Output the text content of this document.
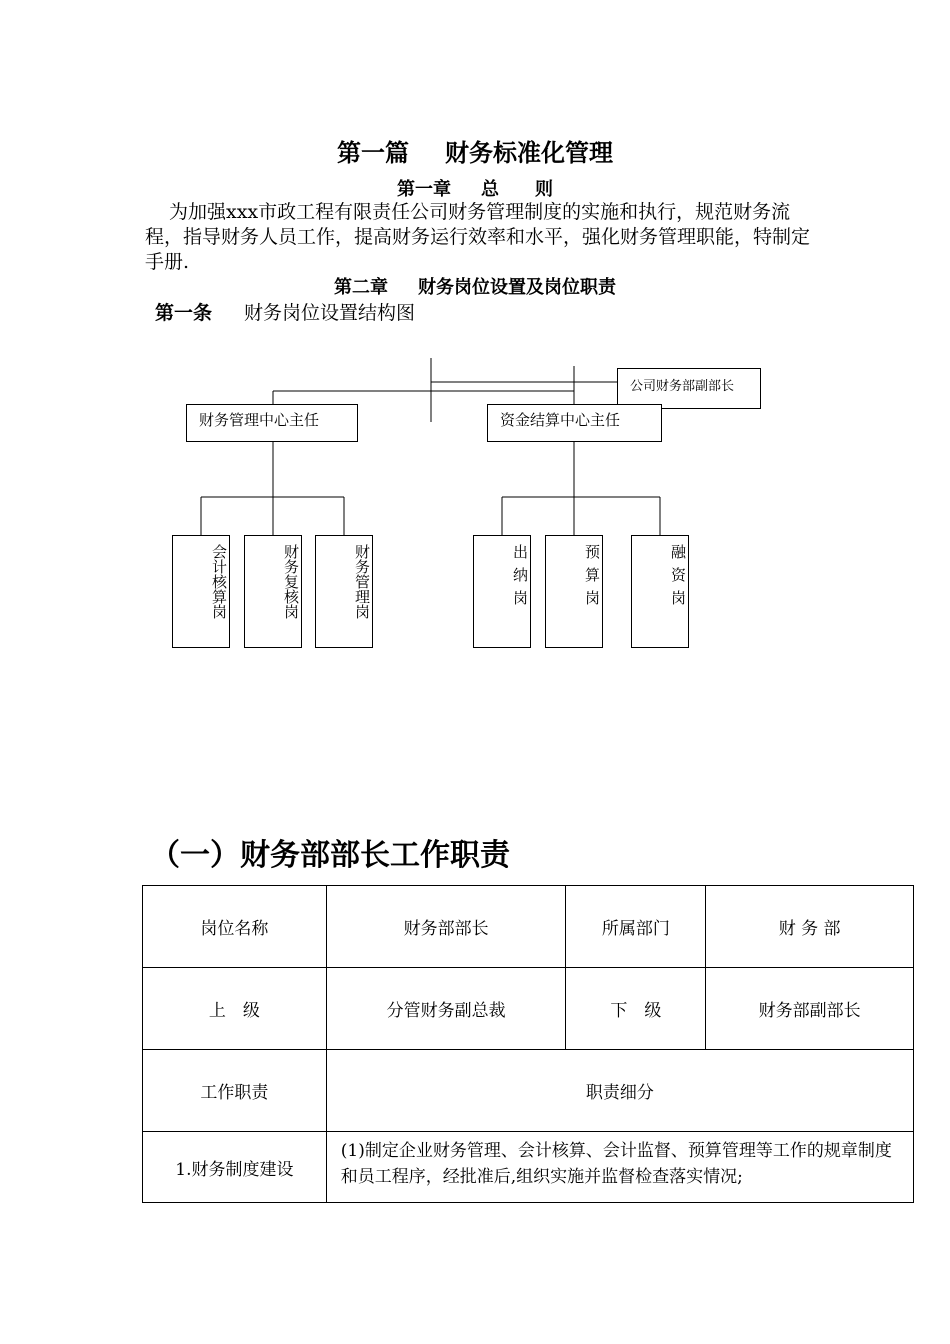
第一篇 财务标准化管理
第一章 总　　则
为加强xxx市政工程有限责任公司财务管理制度的实施和执行，规范财务流程，指导财务人员工作，提高财务运行效率和水平，强化财务管理职能，特制定手册.
第二章 财务岗位设置及岗位职责
第一条 财务岗位设置结构图
公司财务部副部长
财务管理中心主任	资金结算中心主任
会计核算岗	财务复核岗	财务管理岗	出纳岗	预算岗	融资岗
（一）财务部部长工作职责
岗位名称	财务部部长	所属部门	财 务 部
上　级	分管财务副总裁	下　级	财务部副部长
工作职责	职责细分		
1.财务制度建设	(1)制定企业财务管理、会计核算、会计监督、预算管理等工作的规章制度和员工程序，经批准后,组织实施并监督检查落实情况;		
